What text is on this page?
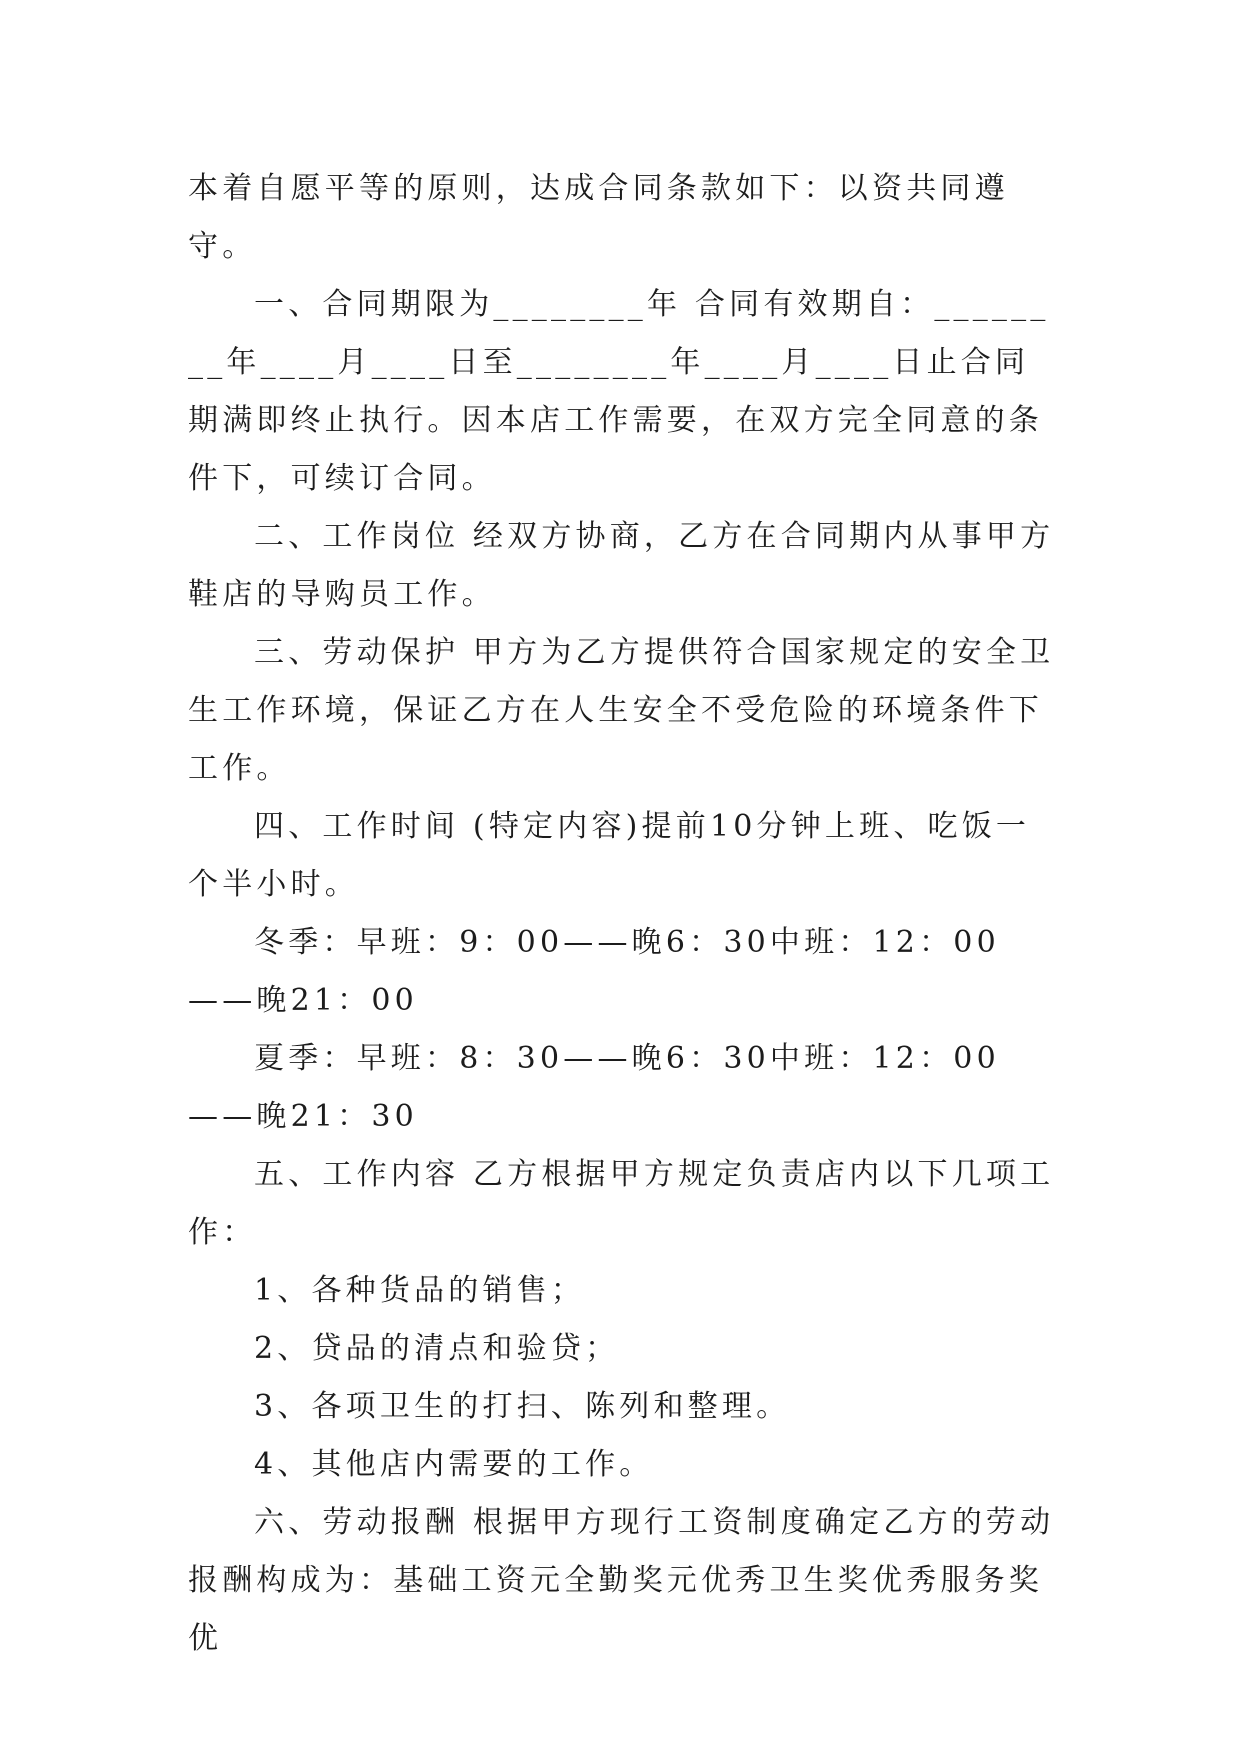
本着自愿平等的原则，达成合同条款如下：以资共同遵守。

一、合同期限为________年 合同有效期自：________年____月____日至________年____月____日止合同期满即终止执行。因本店工作需要，在双方完全同意的条件下，可续订合同。

二、工作岗位 经双方协商，乙方在合同期内从事甲方鞋店的导购员工作。

三、劳动保护 甲方为乙方提供符合国家规定的安全卫生工作环境，保证乙方在人生安全不受危险的环境条件下工作。

四、工作时间 (特定内容)提前10分钟上班、吃饭一个半小时。

冬季：早班：9：00——晚6：30中班：12：00——晚21：00

夏季：早班：8：30——晚6：30中班：12：00——晚21：30

五、工作内容 乙方根据甲方规定负责店内以下几项工作：

1、各种货品的销售；

2、贷品的清点和验贷；

3、各项卫生的打扫、陈列和整理。

4、其他店内需要的工作。

六、劳动报酬 根据甲方现行工资制度确定乙方的劳动报酬构成为：基础工资元全勤奖元优秀卫生奖优秀服务奖优
